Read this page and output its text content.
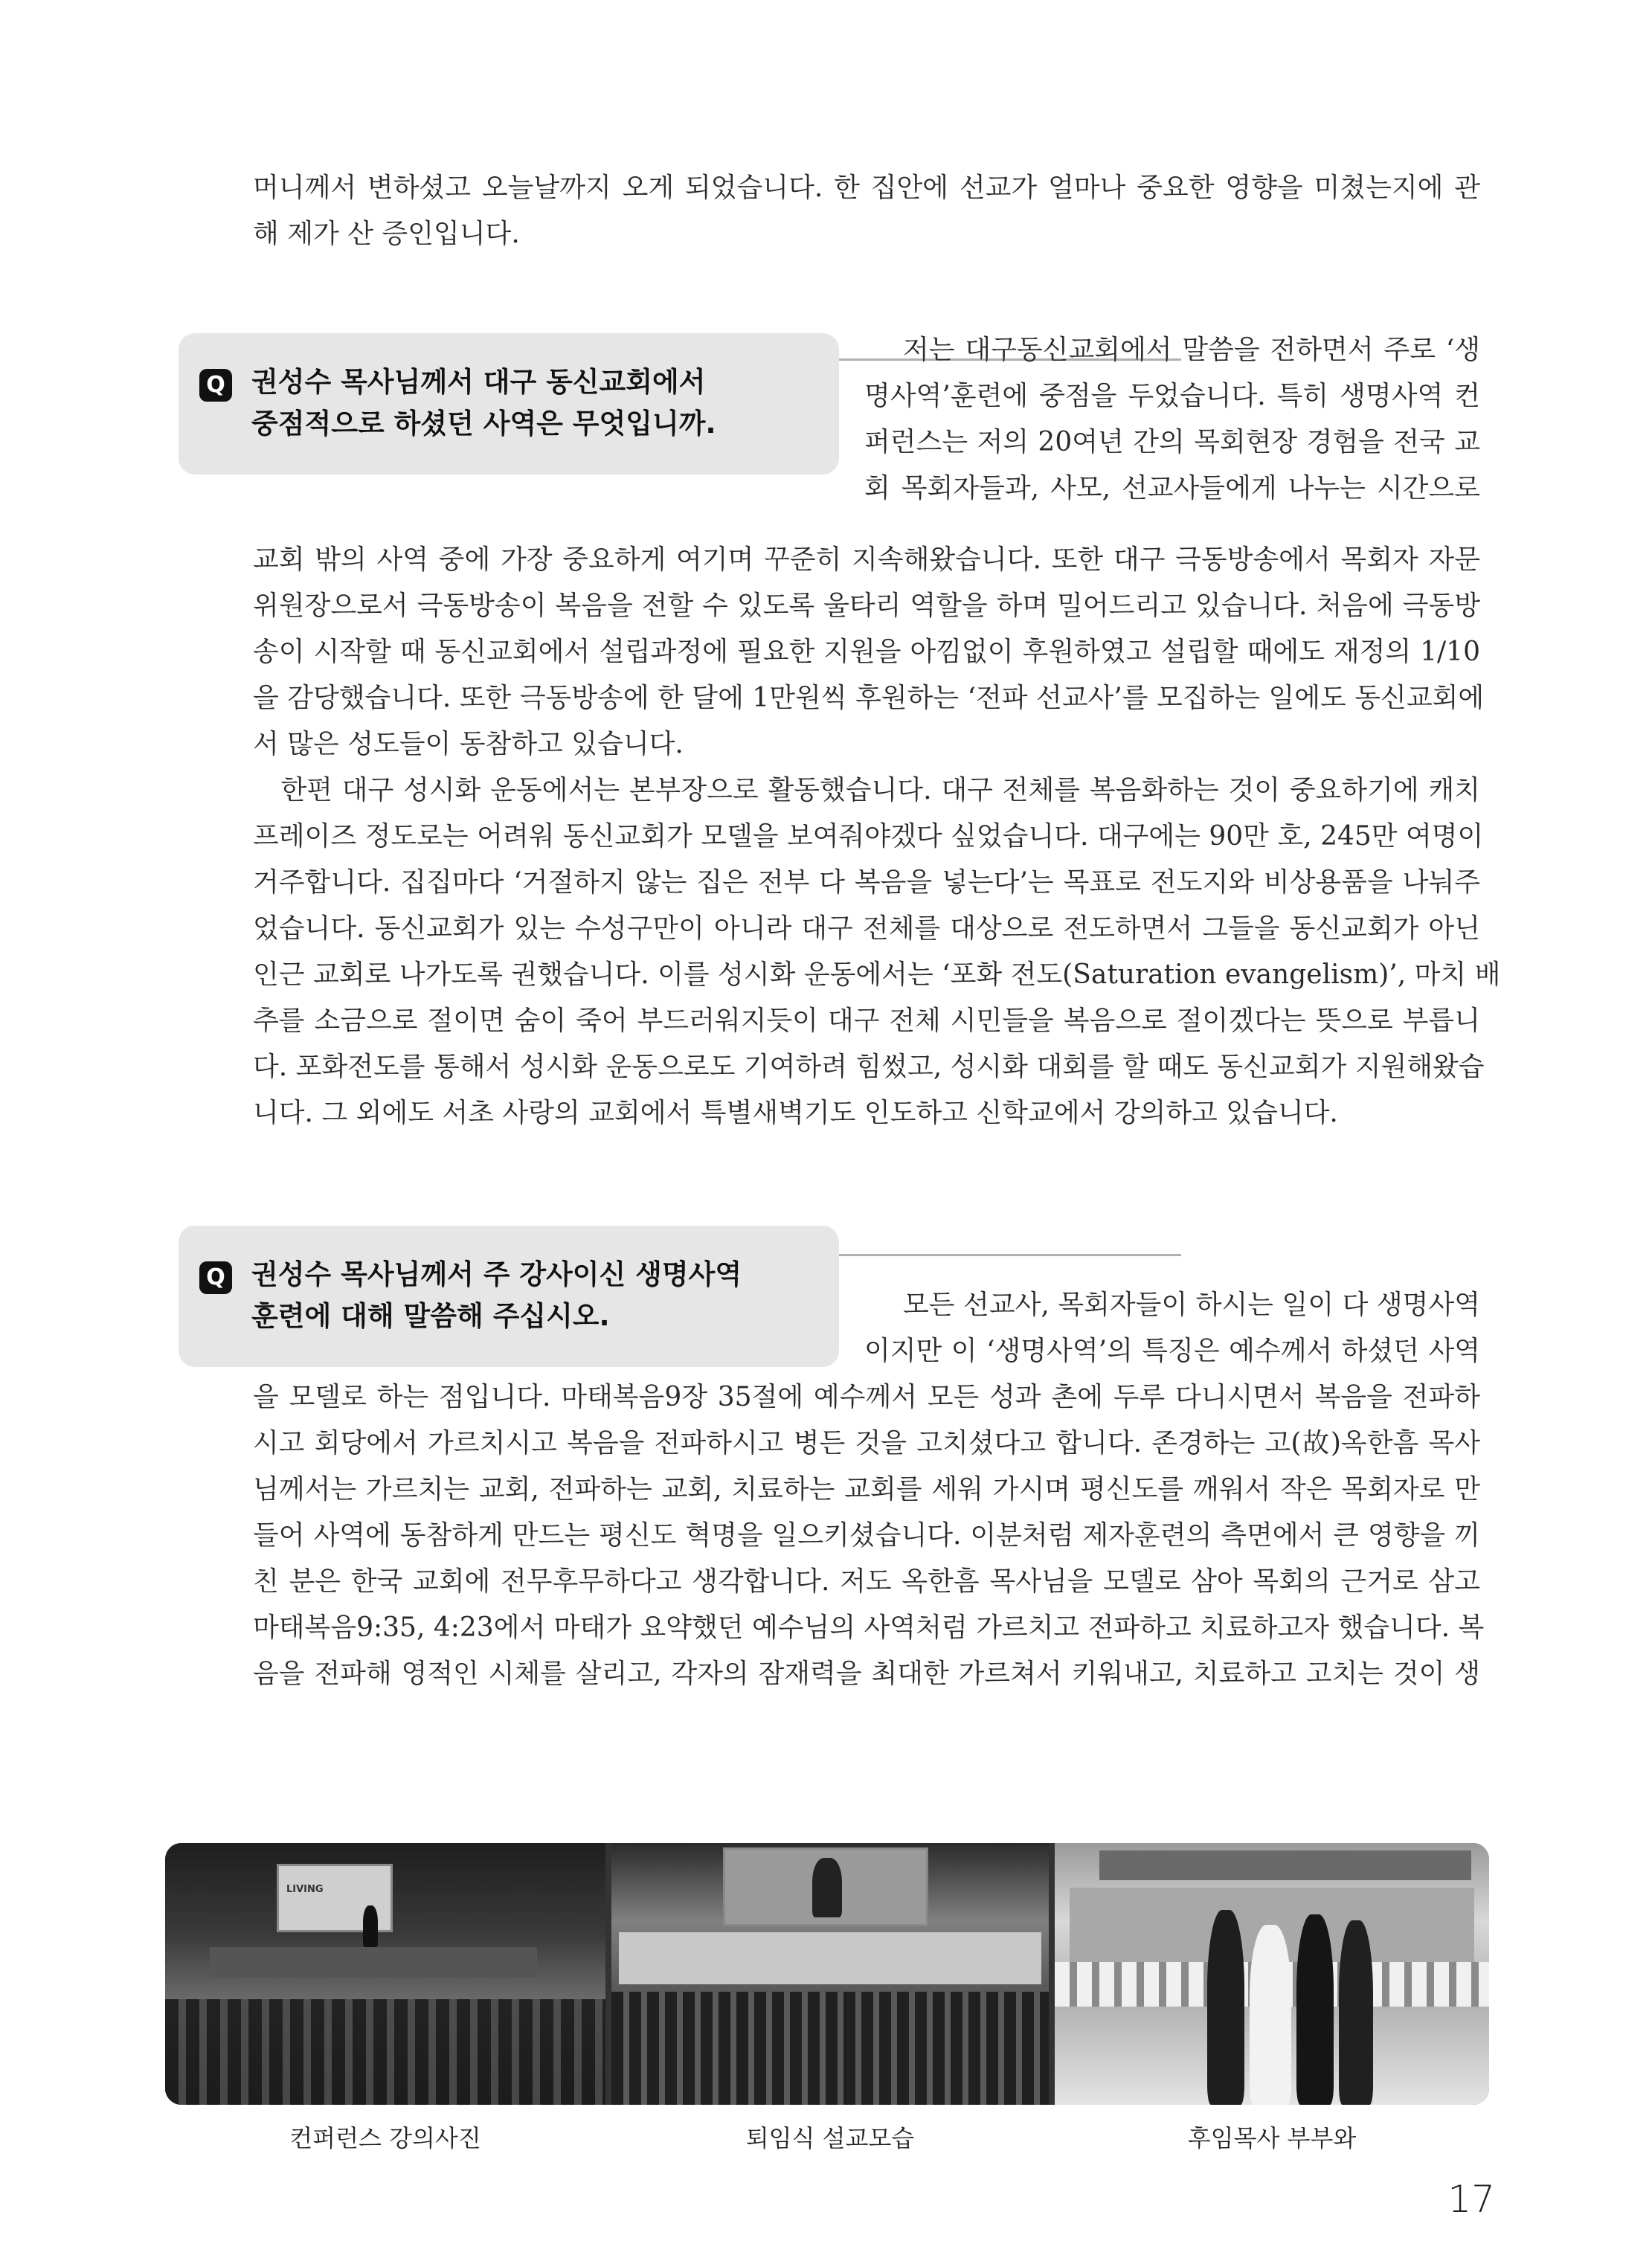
머니께서 변하셨고 오늘날까지 오게 되었습니다. 한 집안에 선교가 얼마나 중요한 영향을 미쳤는지에 관
해 제가 산 증인입니다.
Q 권성수 목사님께서 대구 동신교회에서
중점적으로 하셨던 사역은 무엇입니까.
저는 대구동신교회에서 말씀을 전하면서 주로 ‘생
명사역’훈련에 중점을 두었습니다. 특히 생명사역 컨
퍼런스는 저의 20여년 간의 목회현장 경험을 전국 교
회 목회자들과, 사모, 선교사들에게 나누는 시간으로
교회 밖의 사역 중에 가장 중요하게 여기며 꾸준히 지속해왔습니다. 또한 대구 극동방송에서 목회자 자문
위원장으로서 극동방송이 복음을 전할 수 있도록 울타리 역할을 하며 밀어드리고 있습니다. 처음에 극동방
송이 시작할 때 동신교회에서 설립과정에 필요한 지원을 아낌없이 후원하였고 설립할 때에도 재정의 1/10
을 감당했습니다. 또한 극동방송에 한 달에 1만원씩 후원하는 ‘전파 선교사’를 모집하는 일에도 동신교회에
서 많은 성도들이 동참하고 있습니다.
　한편 대구 성시화 운동에서는 본부장으로 활동했습니다. 대구 전체를 복음화하는 것이 중요하기에 캐치
프레이즈 정도로는 어려워 동신교회가 모델을 보여줘야겠다 싶었습니다. 대구에는 90만 호, 245만 여명이
거주합니다. 집집마다 ‘거절하지 않는 집은 전부 다 복음을 넣는다’는 목표로 전도지와 비상용품을 나눠주
었습니다. 동신교회가 있는 수성구만이 아니라 대구 전체를 대상으로 전도하면서 그들을 동신교회가 아닌
인근 교회로 나가도록 권했습니다. 이를 성시화 운동에서는 ‘포화 전도(Saturation evangelism)’, 마치 배
추를 소금으로 절이면 숨이 죽어 부드러워지듯이 대구 전체 시민들을 복음으로 절이겠다는 뜻으로 부릅니
다. 포화전도를 통해서 성시화 운동으로도 기여하려 힘썼고, 성시화 대회를 할 때도 동신교회가 지원해왔습
니다. 그 외에도 서초 사랑의 교회에서 특별새벽기도 인도하고 신학교에서 강의하고 있습니다.
Q 권성수 목사님께서 주 강사이신 생명사역
훈련에 대해 말씀해 주십시오.	모든 선교사, 목회자들이 하시는 일이 다 생명사역
이지만 이 ‘생명사역’의 특징은 예수께서 하셨던 사역
을 모델로 하는 점입니다. 마태복음9장 35절에 예수께서 모든 성과 촌에 두루 다니시면서 복음을 전파하
시고 회당에서 가르치시고 복음을 전파하시고 병든 것을 고치셨다고 합니다. 존경하는 고(故)옥한흠 목사
님께서는 가르치는 교회, 전파하는 교회, 치료하는 교회를 세워 가시며 평신도를 깨워서 작은 목회자로 만
들어 사역에 동참하게 만드는 평신도 혁명을 일으키셨습니다. 이분처럼 제자훈련의 측면에서 큰 영향을 끼
친 분은 한국 교회에 전무후무하다고 생각합니다. 저도 옥한흠 목사님을 모델로 삼아 목회의 근거로 삼고
마태복음9:35, 4:23에서 마태가 요약했던 예수님의 사역처럼 가르치고 전파하고 치료하고자 했습니다. 복
음을 전파해 영적인 시체를 살리고, 각자의 잠재력을 최대한 가르쳐서 키워내고, 치료하고 고치는 것이 생
LIVING
컨퍼런스 강의사진	퇴임식 설교모습	후임목사 부부와
17
